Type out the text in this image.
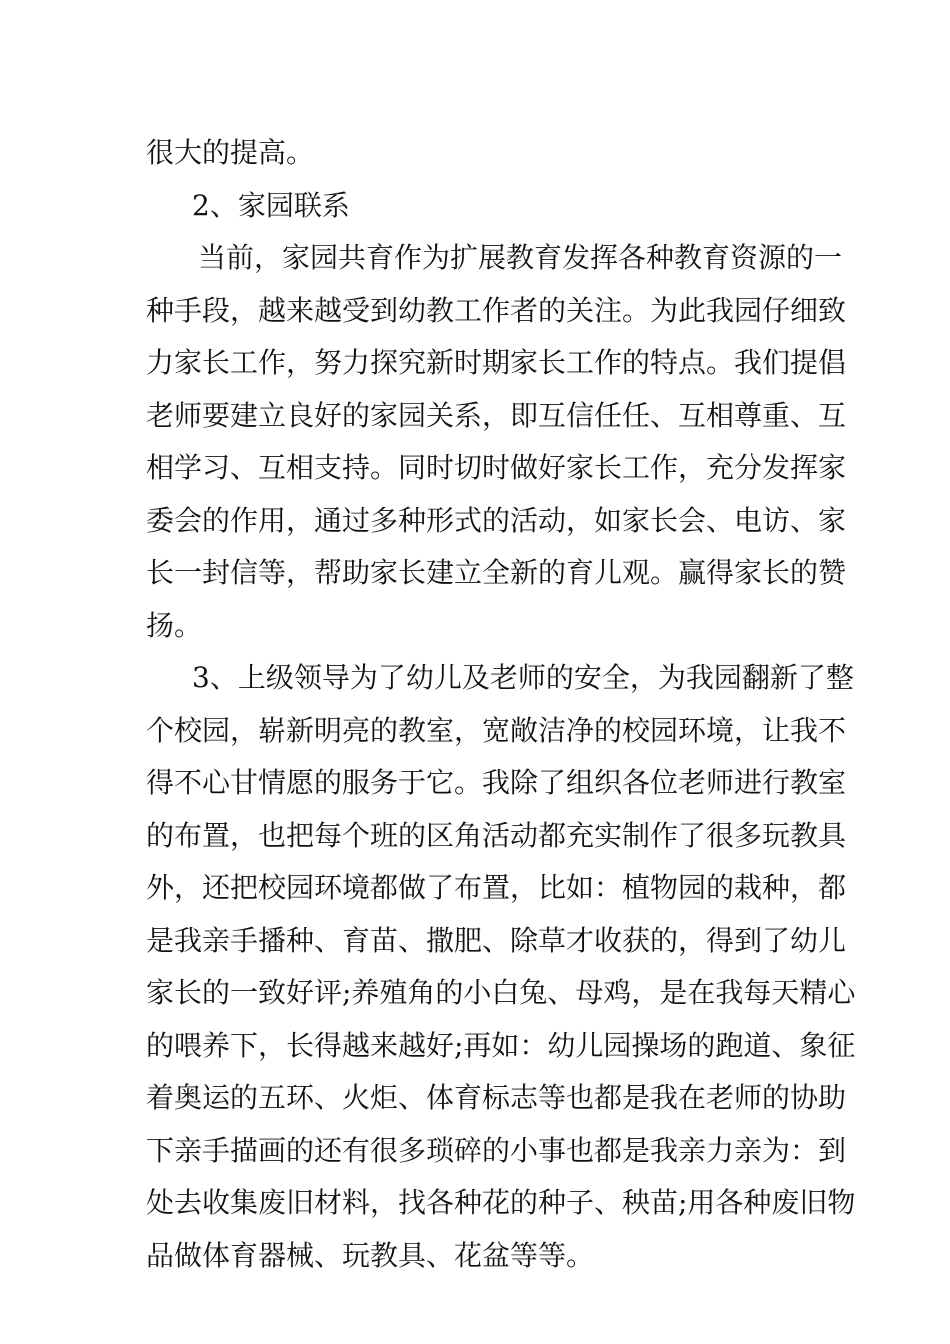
很大的提高。
2、家园联系
当前，家园共育作为扩展教育发挥各种教育资源的一
种手段，越来越受到幼教工作者的关注。为此我园仔细致
力家长工作，努力探究新时期家长工作的特点。我们提倡
老师要建立良好的家园关系，即互信任任、互相尊重、互
相学习、互相支持。同时切时做好家长工作，充分发挥家
委会的作用，通过多种形式的活动，如家长会、电访、家
长一封信等，帮助家长建立全新的育儿观。赢得家长的赞
扬。
3、上级领导为了幼儿及老师的安全，为我园翻新了整
个校园，崭新明亮的教室，宽敞洁净的校园环境，让我不
得不心甘情愿的服务于它。我除了组织各位老师进行教室
的布置，也把每个班的区角活动都充实制作了很多玩教具
外，还把校园环境都做了布置，比如：植物园的栽种，都
是我亲手播种、育苗、撒肥、除草才收获的，得到了幼儿
家长的一致好评;养殖角的小白兔、母鸡，是在我每天精心
的喂养下，长得越来越好;再如：幼儿园操场的跑道、象征
着奥运的五环、火炬、体育标志等也都是我在老师的协助
下亲手描画的还有很多琐碎的小事也都是我亲力亲为：到
处去收集废旧材料，找各种花的种子、秧苗;用各种废旧物
品做体育器械、玩教具、花盆等等。
